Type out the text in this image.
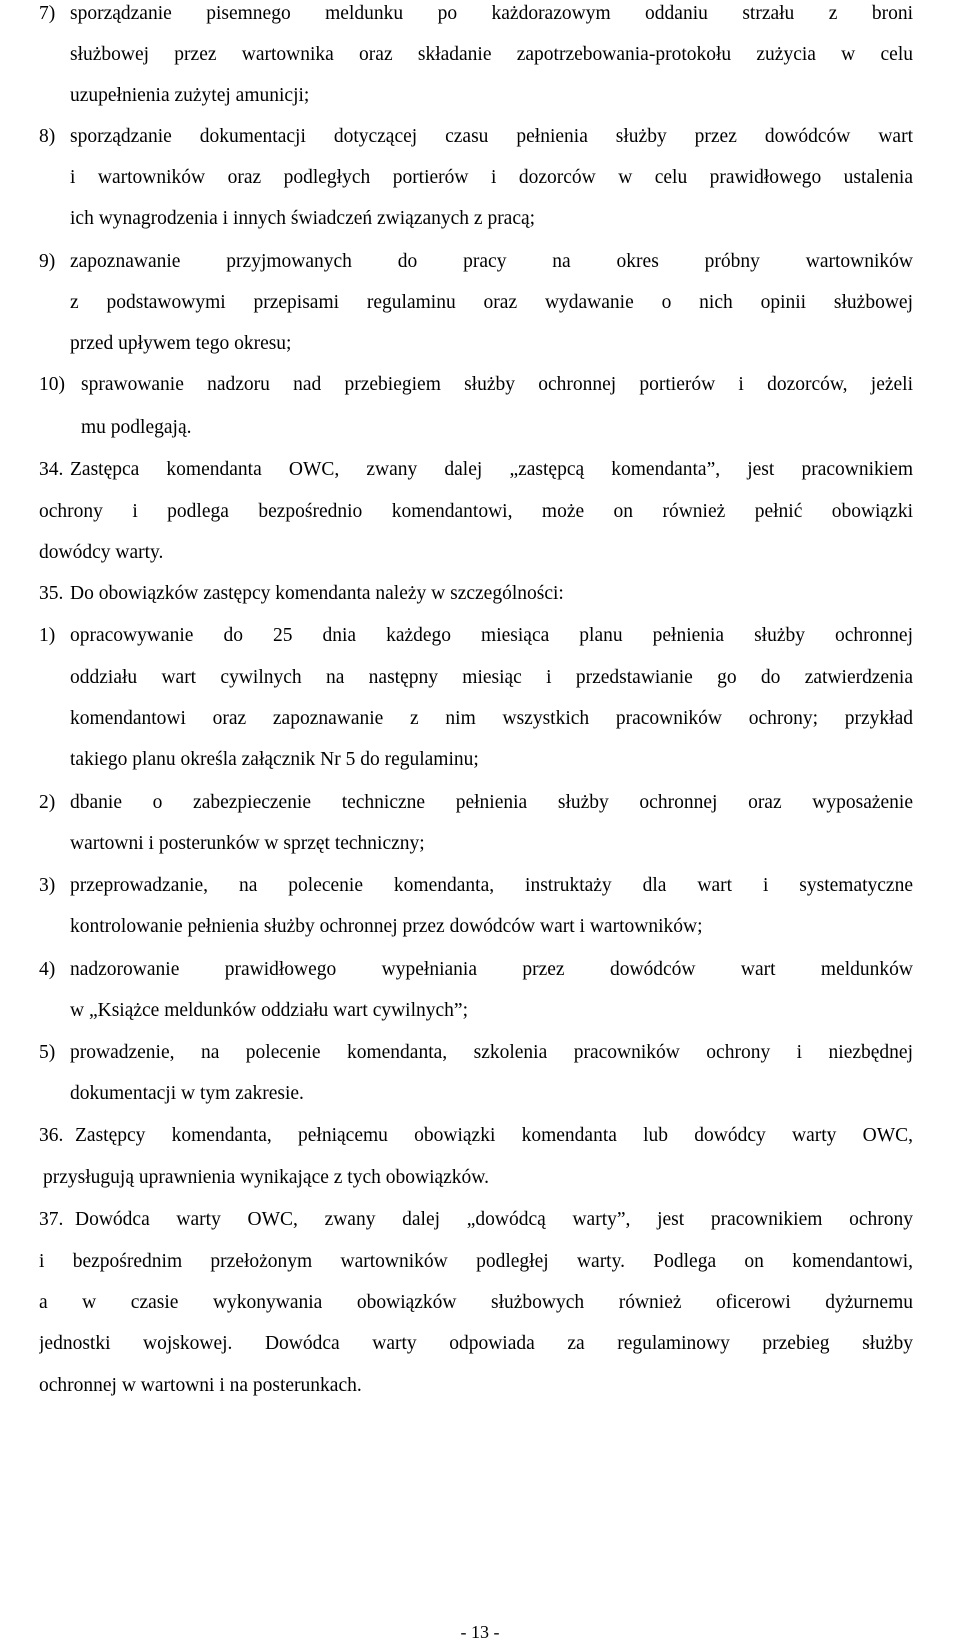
7) sporządzanie pisemnego meldunku po każdorazowym oddaniu strzału z broni
służbowej przez wartownika oraz składanie zapotrzebowania-protokołu zużycia w celu
uzupełnienia zużytej amunicji;
8) sporządzanie dokumentacji dotyczącej czasu pełnienia służby przez dowódców wart
i wartowników oraz podległych portierów i dozorców w celu prawidłowego ustalenia
ich wynagrodzenia i innych świadczeń związanych z pracą;
9) zapoznawanie przyjmowanych do pracy na okres próbny wartowników
z podstawowymi przepisami regulaminu oraz wydawanie o nich opinii służbowej
przed upływem tego okresu;
10) sprawowanie nadzoru nad przebiegiem służby ochronnej portierów i dozorców, jeżeli
mu podlegają.
34. Zastępca komendanta OWC, zwany dalej „zastępcą komendanta”, jest pracownikiem
ochrony i podlega bezpośrednio komendantowi, może on również pełnić obowiązki
dowódcy warty.
35. Do obowiązków zastępcy komendanta należy w szczególności:
1) opracowywanie do 25 dnia każdego miesiąca planu pełnienia służby ochronnej
oddziału wart cywilnych na następny miesiąc i przedstawianie go do zatwierdzenia
komendantowi oraz zapoznawanie z nim wszystkich pracowników ochrony; przykład
takiego planu określa załącznik Nr 5 do regulaminu;
2) dbanie o zabezpieczenie techniczne pełnienia służby ochronnej oraz wyposażenie
wartowni i posterunków w sprzęt techniczny;
3) przeprowadzanie, na polecenie komendanta, instruktaży dla wart i systematyczne
kontrolowanie pełnienia służby ochronnej przez dowódców wart i wartowników;
4) nadzorowanie prawidłowego wypełniania przez dowódców wart meldunków
w „Książce meldunków oddziału wart cywilnych”;
5) prowadzenie, na polecenie komendanta, szkolenia pracowników ochrony i niezbędnej
dokumentacji w tym zakresie.
36. Zastępcy komendanta, pełniącemu obowiązki komendanta lub dowódcy warty OWC,
przysługują uprawnienia wynikające z tych obowiązków.
37. Dowódca warty OWC, zwany dalej „dowódcą warty”, jest pracownikiem ochrony
i bezpośrednim przełożonym wartowników podległej warty. Podlega on komendantowi,
a w czasie wykonywania obowiązków służbowych również oficerowi dyżurnemu
jednostki wojskowej. Dowódca warty odpowiada za regulaminowy przebieg służby
ochronnej w wartowni i na posterunkach.
- 13 -
